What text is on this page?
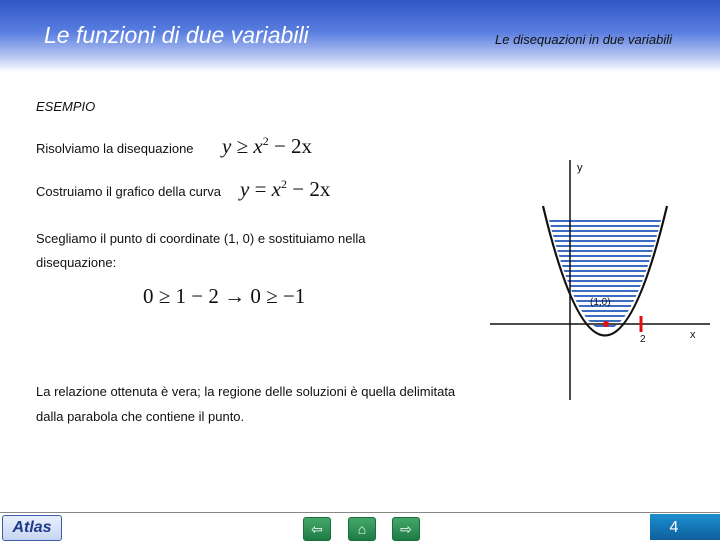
Le funzioni di due variabili	Le disequazioni in due variabili
ESEMPIO
Risolviamo la disequazione $y \ge x^2 - 2x$
Costruiamo il grafico della curva $y = x^2 - 2x$
Scegliamo il punto di coordinate (1, 0) e sostituiamo nella
disequazione:
0 ≥ 1 − 2 → 0 ≥ −1
La relazione ottenuta è vera; la regione delle soluzioni è quella delimitata
dalla parabola che contiene il punto.
y
x
(1,0)
2
Atlas	⇦	⌂	⇨	4
